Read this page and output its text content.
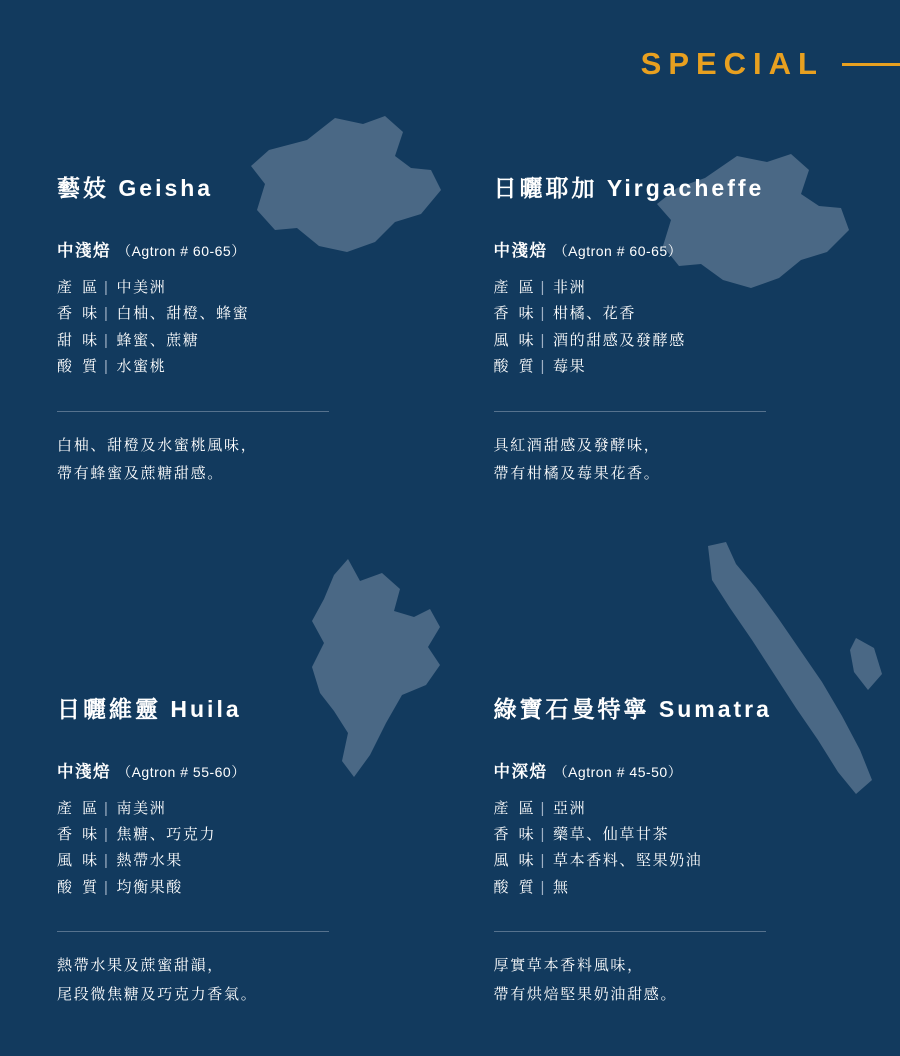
SPECIAL
藝妓 Geisha

中淺焙 （Agtron # 60-65）

產 區 | 中美洲
香 味 | 白柚、甜橙、蜂蜜
甜 味 | 蜂蜜、蔗糖
酸 質 | 水蜜桃
白柚、甜橙及水蜜桃風味，
帶有蜂蜜及蔗糖甜感。
日曬耶加 Yirgacheffe

中淺焙 （Agtron # 60-65）

產 區 | 非洲
香 味 | 柑橘、花香
風 味 | 酒的甜感及發酵感
酸 質 | 莓果
具紅酒甜感及發酵味，
帶有柑橘及莓果花香。
日曬維靈 Huila

中淺焙 （Agtron # 55-60）

產 區 | 南美洲
香 味 | 焦糖、巧克力
風 味 | 熱帶水果
酸 質 | 均衡果酸
熱帶水果及蔗蜜甜韻，
尾段微焦糖及巧克力香氣。
綠寶石曼特寧 Sumatra

中深焙 （Agtron # 45-50）

產 區 | 亞洲
香 味 | 藥草、仙草甘茶
風 味 | 草本香料、堅果奶油
酸 質 | 無
厚實草本香料風味，
帶有烘焙堅果奶油甜感。
